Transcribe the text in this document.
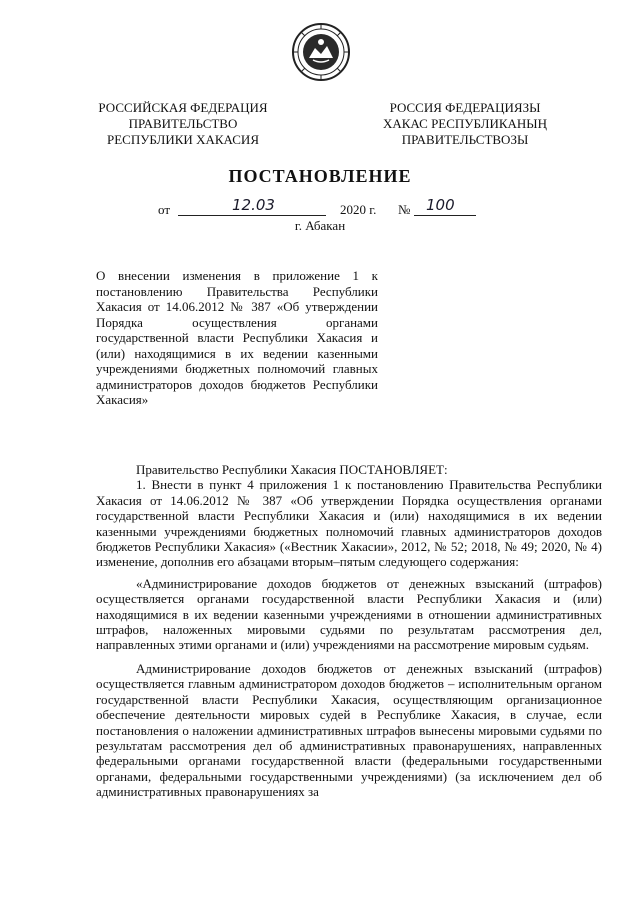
РОССИЙСКАЯ ФЕДЕРАЦИЯ
ПРАВИТЕЛЬСТВО
РЕСПУБЛИКИ ХАКАСИЯ
РОССИЯ ФЕДЕРАЦИЯЗЫ
ХАКАС РЕСПУБЛИКАНЫҢ
ПРАВИТЕЛЬСТВОЗЫ
ПОСТАНОВЛЕНИЕ
от	12.03	2020 г. № 100
г. Абакан
О внесении изменения в приложение 1 к постановлению Правительства Республики Хакасия от 14.06.2012 № 387 «Об утверждении Порядка осуществления органами государственной власти Республики Хакасия и (или) находящимися в их ведении казенными учреждениями бюджетных полномочий главных администраторов доходов бюджетов Республики Хакасия»

Правительство Республики Хакасия ПОСТАНОВЛЯЕТ:

1. Внести в пункт 4 приложения 1 к постановлению Правительства Республики Хакасия от 14.06.2012 № 387 «Об утверждении Порядка осуществления органами государственной власти Республики Хакасия и (или) находящимися в их ведении казенными учреждениями бюджетных полномочий главных администраторов доходов бюджетов Республики Хакасия» («Вестник Хакасии», 2012, № 52; 2018, № 49; 2020, № 4) изменение, дополнив его абзацами вторым–пятым следующего содержания:

«Администрирование доходов бюджетов от денежных взысканий (штрафов) осуществляется органами государственной власти Республики Хакасия и (или) находящимися в их ведении казенными учреждениями в отношении административных штрафов, наложенных мировыми судьями по результатам рассмотрения дел, направленных этими органами и (или) учреждениями на рассмотрение мировым судьям.

Администрирование доходов бюджетов от денежных взысканий (штрафов) осуществляется главным администратором доходов бюджетов – исполнительным органом государственной власти Республики Хакасия, осуществляющим организационное обеспечение деятельности мировых судей в Республике Хакасия, в случае, если постановления о наложении административных штрафов вынесены мировыми судьями по результатам рассмотрения дел об административных правонарушениях, направленных федеральными органами государственной власти (федеральными государственными органами, федеральными государственными учреждениями) (за исключением дел об административных правонарушениях за
